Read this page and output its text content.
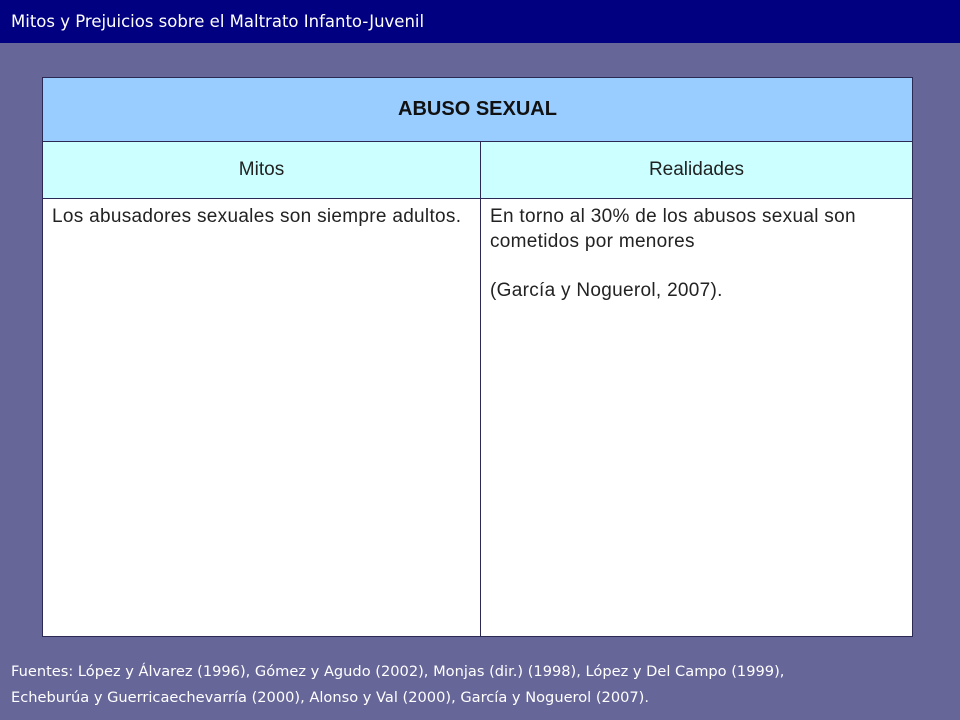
Mitos y Prejuicios sobre el Maltrato Infanto-Juvenil
ABUSO SEXUAL
Mitos	Realidades

Los abusadores sexuales son siempre adultos.	En torno al 30% de los abusos sexual son cometidos por menores

(García y Noguerol, 2007).

Fuentes: López y Álvarez (1996), Gómez y Agudo (2002), Monjas (dir.) (1998), López y Del Campo (1999),
Echeburúa y Guerricaechevarría (2000), Alonso y Val (2000), García y Noguerol (2007).
